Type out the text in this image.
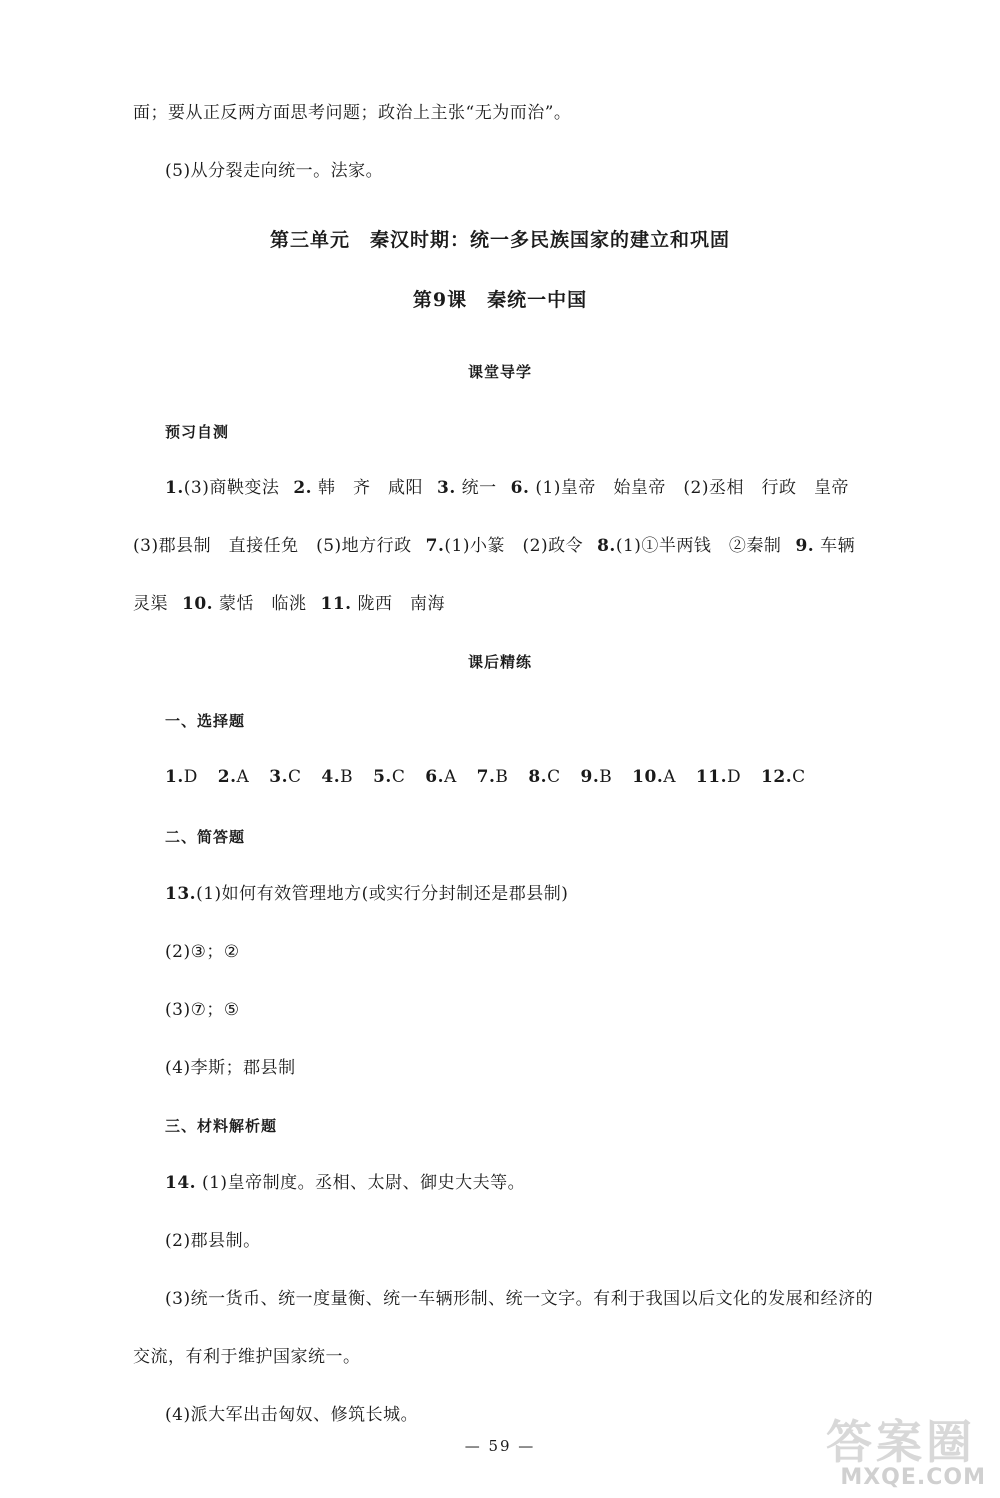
面；要从正反两方面思考问题；政治上主张“无为而治”。
(5)从分裂走向统一。法家。
第三单元　秦汉时期：统一多民族国家的建立和巩固
第9课　秦统一中国
课堂导学
预习自测
1.(3)商鞅变法 2. 韩　齐　咸阳 3. 统一 6. (1)皇帝　始皇帝　(2)丞相　行政　皇帝
(3)郡县制　直接任免　(5)地方行政 7.(1)小篆　(2)政令 8.(1)①半两钱　②秦制 9. 车辆
灵渠 10. 蒙恬　临洮 11. 陇西　南海
课后精练
一、选择题
1.D 2.A 3.C 4.B 5.C 6.A 7.B 8.C 9.B 10.A 11.D 12.C
二、简答题
13.(1)如何有效管理地方(或实行分封制还是郡县制)
(2)③；②
(3)⑦；⑤
(4)李斯；郡县制
三、材料解析题
14. (1)皇帝制度。丞相、太尉、御史大夫等。
(2)郡县制。
(3)统一货币、统一度量衡、统一车辆形制、统一文字。有利于我国以后文化的发展和经济的
交流，有利于维护国家统一。
(4)派大军出击匈奴、修筑长城。
— 59 —	答案圈
MXQE.COM
